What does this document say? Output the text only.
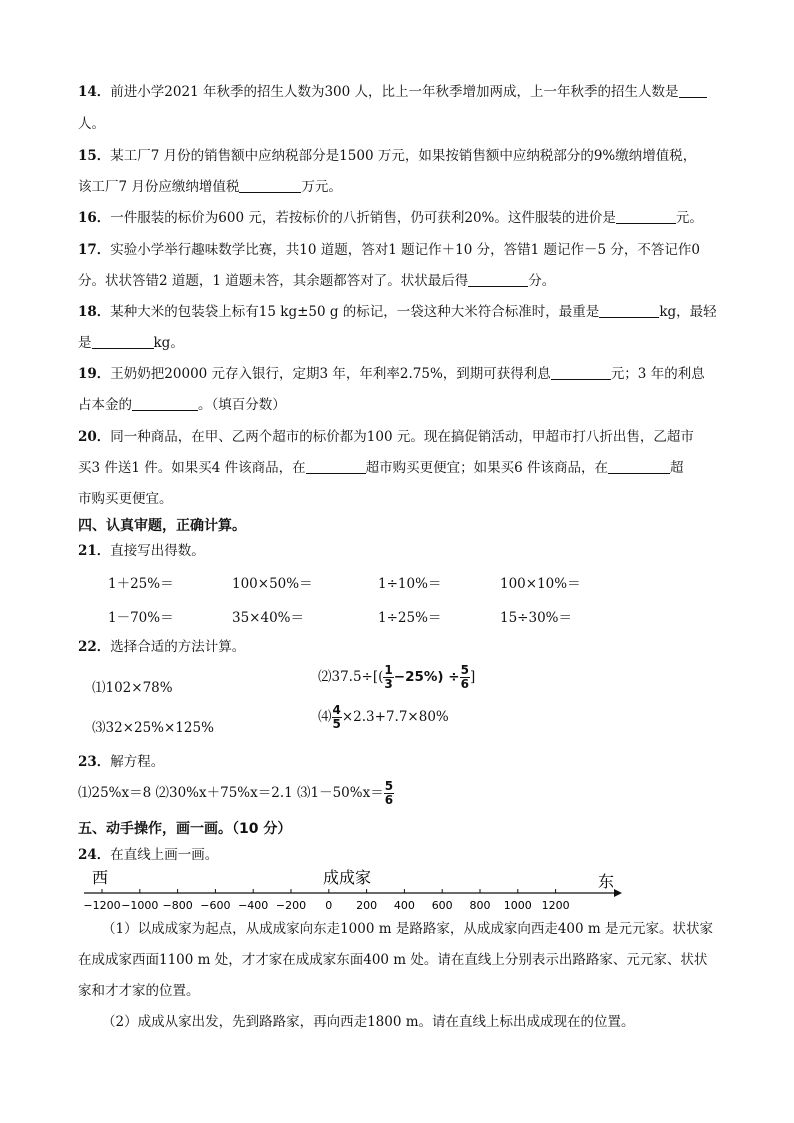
14．前进小学2021 年秋季的招生人数为300 人，比上一年秋季增加两成，上一年秋季的招生人数是
人。
15．某工厂7 月份的销售额中应纳税部分是1500 万元，如果按销售额中应纳税部分的9%缴纳增值税，
该工厂7 月份应缴纳增值税	万元。
16．一件服装的标价为600 元，若按标价的八折销售，仍可获利20%。这件服装的进价是	元。
17．实验小学举行趣味数学比赛，共10 道题，答对1 题记作＋10 分，答错1 题记作－5 分，不答记作0
分。状状答错2 道题，1 道题未答，其余题都答对了。状状最后得	分。
18．某种大米的包装袋上标有15 kg±50 g 的标记，一袋这种大米符合标准时，最重是	kg，最轻
是	kg。
19．王奶奶把20000 元存入银行，定期3 年，年利率2.75%，到期可获得利息	元；3 年的利息
占本金的	。（填百分数）
20．同一种商品，在甲、乙两个超市的标价都为100 元。现在搞促销活动，甲超市打八折出售，乙超市
买3 件送1 件。如果买4 件该商品，在	超市购买更便宜；如果买6 件该商品，在	超
市购买更便宜。
四、认真审题，正确计算。
21．直接写出得数。
1＋25%＝	100×50%＝	1÷10%＝	100×10%＝
1－70%＝	35×40%＝	1÷25%＝	15÷30%＝
22．选择合适的方法计算。
⑴102×78%
⑵37.5÷[( $\frac{1}{3} -25\%) \div \frac{5}{6}$ ]
⑶32×25%×125%
⑷ $\frac{4}{5} \times 2.3+7.7\times 80\%$
23．解方程。
⑴25%x＝8 ⑵30%x＋75%x＝2.1 ⑶1－50%x＝ $\frac{5}{6}$
五、动手操作，画一画。（10 分）
24．在直线上画一画。
西	成成家	东
−1200 −1000 −800 −600 −400 −200 0 200 400 600 800 1000 1200
（1）以成成家为起点，从成成家向东走1000 m 是路路家，从成成家向西走400 m 是元元家。状状家
在成成家西面1100 m 处，才才家在成成家东面400 m 处。请在直线上分别表示出路路家、元元家、状状
家和才才家的位置。
（2）成成从家出发，先到路路家，再向西走1800 m。请在直线上标出成成现在的位置。
